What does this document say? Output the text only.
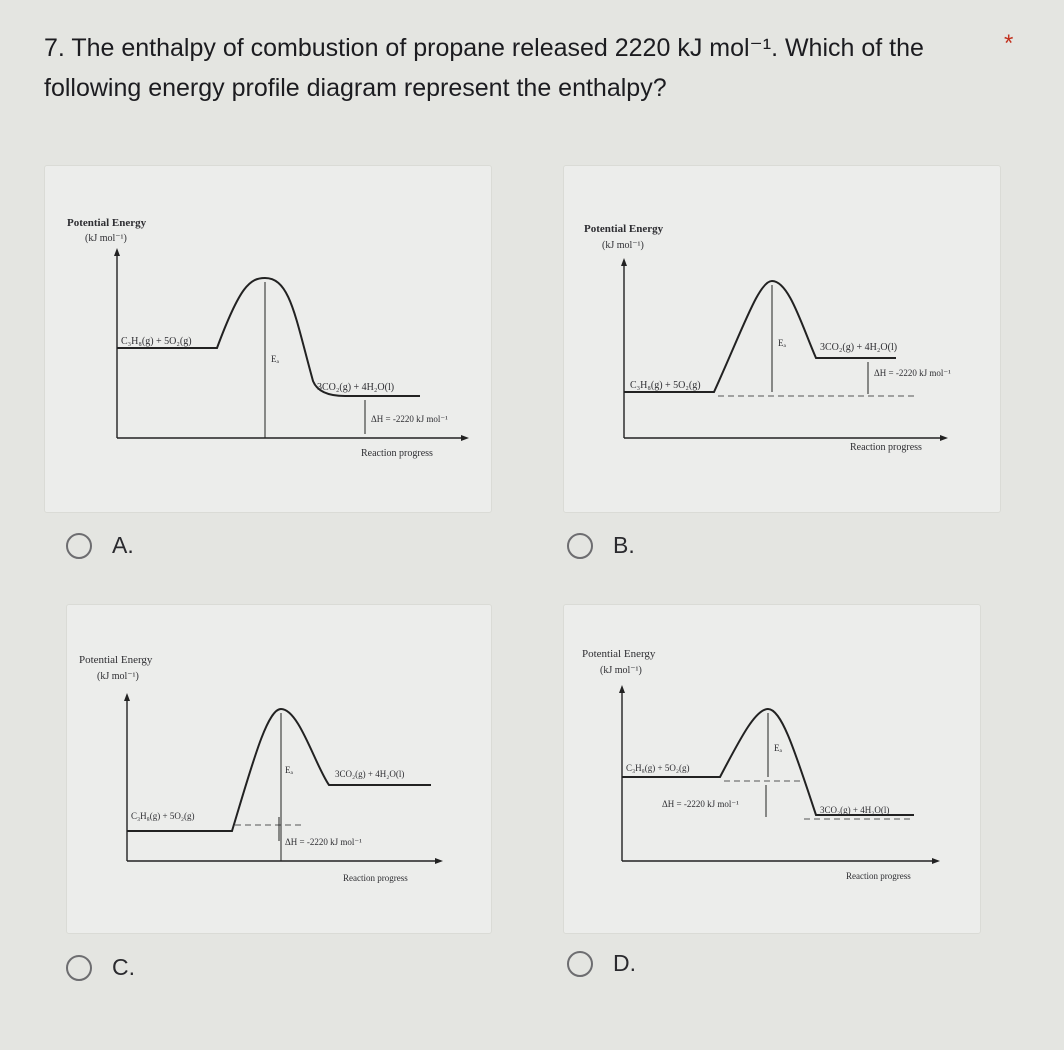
7. The enthalpy of combustion of propane released 2220 kJ mol⁻¹. Which of the following energy profile diagram represent the enthalpy?
*
Potential Energy
(kJ mol⁻¹)
Eₐ
C₃H₈(g) + 5O₂(g)
3CO₂(g) + 4H₂O(l)
ΔH = -2220 kJ mol⁻¹
Reaction progress
Potential Energy
(kJ mol⁻¹)
Eₐ
C₃H₈(g) + 5O₂(g)
3CO₂(g) + 4H₂O(l)
ΔH = -2220 kJ mol⁻¹
Reaction progress
A.	B.
Potential Energy
(kJ mol⁻¹)
Eₐ
C₃H₈(g) + 5O₂(g)
3CO₂(g) + 4H₂O(l)
ΔH = -2220 kJ mol⁻¹
Reaction progress
Potential Energy
(kJ mol⁻¹)
Eₐ
C₃H₈(g) + 5O₂(g)
3CO₂(g) + 4H₂O(l)
ΔH = -2220 kJ mol⁻¹
Reaction progress
C.	D.
